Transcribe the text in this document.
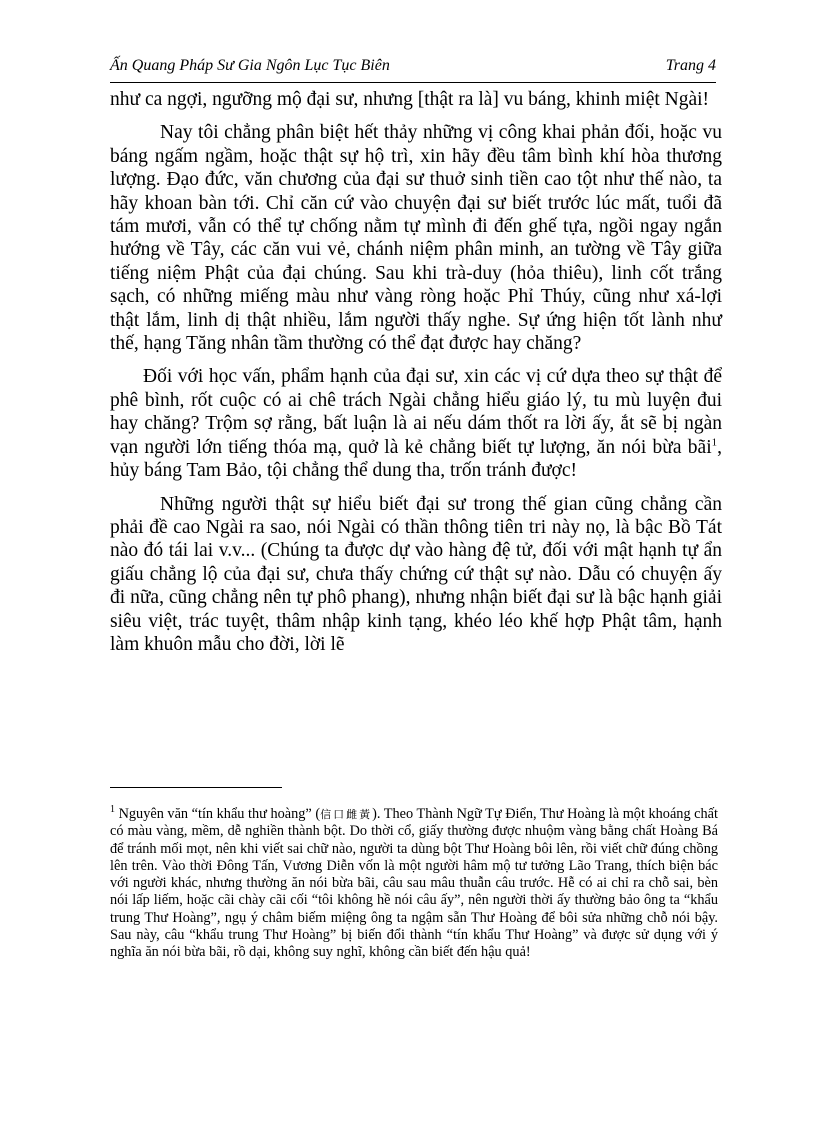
Ấn Quang Pháp Sư Gia Ngôn Lục Tục Biên	Trang 4

như ca ngợi, ngưỡng mộ đại sư, nhưng [thật ra là] vu báng, khinh miệt Ngài!

Nay tôi chẳng phân biệt hết thảy những vị công khai phản đối, hoặc vu báng ngấm ngầm, hoặc thật sự hộ trì, xin hãy đều tâm bình khí hòa thương lượng. Đạo đức, văn chương của đại sư thuở sinh tiền cao tột như thế nào, ta hãy khoan bàn tới. Chỉ căn cứ vào chuyện đại sư biết trước lúc mất, tuổi đã tám mươi, vẫn có thể tự chống nằm tự mình đi đến ghế tựa, ngồi ngay ngắn hướng về Tây, các căn vui vẻ, chánh niệm phân minh, an tường về Tây giữa tiếng niệm Phật của đại chúng. Sau khi trà-duy (hỏa thiêu), linh cốt trắng sạch, có những miếng màu như vàng ròng hoặc Phỉ Thúy, cũng như xá-lợi thật lắm, linh dị thật nhiều, lắm người thấy nghe. Sự ứng hiện tốt lành như thế, hạng Tăng nhân tầm thường có thể đạt được hay chăng?

Đối với học vấn, phẩm hạnh của đại sư, xin các vị cứ dựa theo sự thật để phê bình, rốt cuộc có ai chê trách Ngài chẳng hiểu giáo lý, tu mù luyện đui hay chăng? Trộm sợ rằng, bất luận là ai nếu dám thốt ra lời ấy, ắt sẽ bị ngàn vạn người lớn tiếng thóa mạ, quở là kẻ chẳng biết tự lượng, ăn nói bừa bãi$^1$, hủy báng Tam Bảo, tội chẳng thể dung tha, trốn tránh được!

Những người thật sự hiểu biết đại sư trong thế gian cũng chẳng cần phải đề cao Ngài ra sao, nói Ngài có thần thông tiên tri này nọ, là bậc Bồ Tát nào đó tái lai v.v... (Chúng ta được dự vào hàng đệ tử, đối với mật hạnh tự ẩn giấu chẳng lộ của đại sư, chưa thấy chứng cứ thật sự nào. Dẫu có chuyện ấy đi nữa, cũng chẳng nên tự phô phang), nhưng nhận biết đại sư là bậc hạnh giải siêu việt, trác tuyệt, thâm nhập kinh tạng, khéo léo khế hợp Phật tâm, hạnh làm khuôn mẫu cho đời, lời lẽ

$^1$ Nguyên văn “tín khẩu thư hoàng” (信口雌黃). Theo Thành Ngữ Tự Điển, Thư Hoàng là một khoáng chất có màu vàng, mềm, dễ nghiền thành bột. Do thời cổ, giấy thường được nhuộm vàng bằng chất Hoàng Bá để tránh mối mọt, nên khi viết sai chữ nào, người ta dùng bột Thư Hoàng bôi lên, rồi viết chữ đúng chồng lên trên. Vào thời Đông Tấn, Vương Diễn vốn là một người hâm mộ tư tưởng Lão Trang, thích biện bác với người khác, nhưng thường ăn nói bừa bãi, câu sau mâu thuẫn câu trước. Hễ có ai chỉ ra chỗ sai, bèn nói lấp liếm, hoặc cãi chày cãi cối “tôi không hề nói câu ấy”, nên người thời ấy thường bảo ông ta “khẩu trung Thư Hoàng”, ngụ ý châm biếm miệng ông ta ngậm sẵn Thư Hoàng để bôi sửa những chỗ nói bậy. Sau này, câu “khẩu trung Thư Hoàng” bị biến đổi thành “tín khẩu Thư Hoàng” và được sử dụng với ý nghĩa ăn nói bừa bãi, rồ dại, không suy nghĩ, không cần biết đến hậu quả!
